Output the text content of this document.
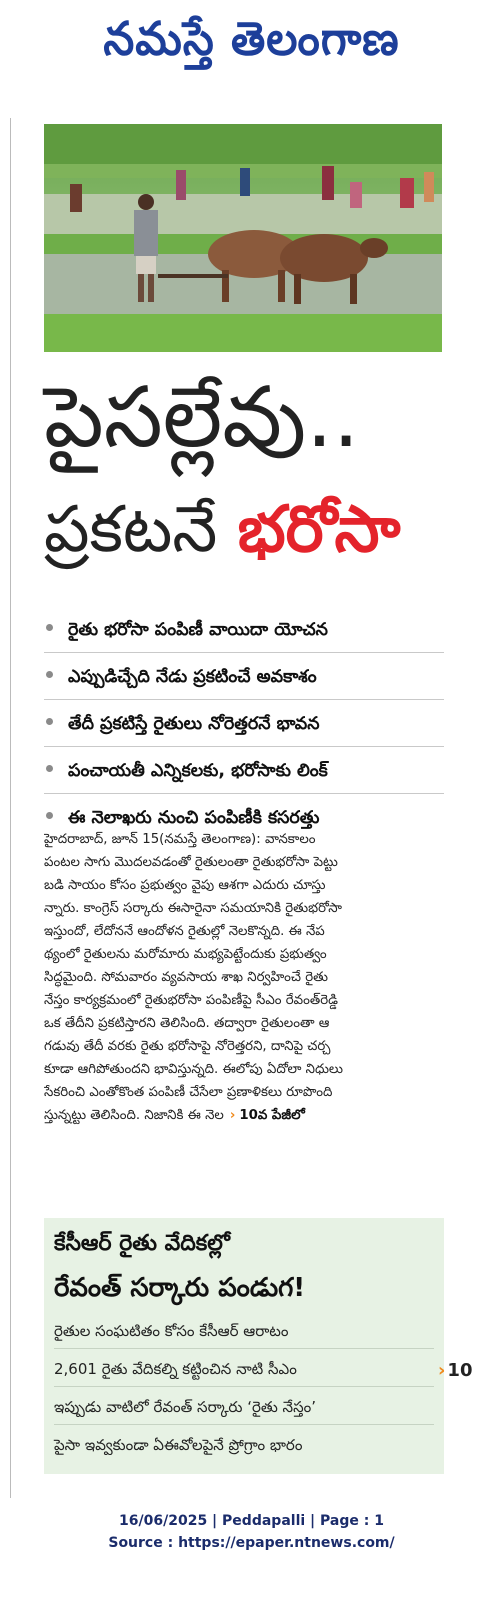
నమస్తే తెలంగాణ
పైసల్లేవు..
ప్రకటనే భరోసా
రైతు భరోసా పంపిణీ వాయిదా యోచన
ఎప్పుడిచ్చేది నేడు ప్రకటించే అవకాశం
తేదీ ప్రకటిస్తే రైతులు నోరెత్తరనే భావన
పంచాయతీ ఎన్నికలకు, భరోసాకు లింక్
ఈ నెలాఖరు నుంచి పంపిణీకి కసరత్తు
హైదరాబాద్, జూన్ 15(నమస్తే తెలంగాణ): వానకాలం
పంటల సాగు మొదలవడంతో రైతులంతా రైతుభరోసా పెట్టు
బడి సాయం కోసం ప్రభుత్వం వైపు ఆశగా ఎదురు చూస్తు
న్నారు. కాంగ్రెస్ సర్కారు ఈసారైనా సమయానికి రైతుభరోసా
ఇస్తుందో, లేదోననే ఆందోళన రైతుల్లో నెలకొన్నది. ఈ నేప
థ్యంలో రైతులను మరోమారు మభ్యపెట్టేందుకు ప్రభుత్వం
సిద్ధమైంది. సోమవారం వ్యవసాయ శాఖ నిర్వహించే రైతు
నేస్తం కార్యక్రమంలో రైతుభరోసా పంపిణీపై సీఎం రేవంత్‌రెడ్డి
ఒక తేదీని ప్రకటిస్తారని తెలిసింది. తద్వారా రైతులంతా ఆ
గడువు తేదీ వరకు రైతు భరోసాపై నోరెత్తరని, దానిపై చర్చ
కూడా ఆగిపోతుందని భావిస్తున్నది. ఈలోపు ఏదోలా నిధులు
సేకరించి ఎంతోకొంత పంపిణీ చేసేలా ప్రణాళికలు రూపొంది
స్తున్నట్టు తెలిసింది. నిజానికి ఈ నెల › 10వ పేజీలో
కేసీఆర్ రైతు వేదికల్లో
రేవంత్ సర్కారు పండుగ!
రైతుల సంఘటితం కోసం కేసీఆర్ ఆరాటం
2,601 రైతు వేదికల్ని కట్టించిన నాటి సీఎం
ఇప్పుడు వాటిలో రేవంత్ సర్కారు ‘రైతు నేస్తం’
పైసా ఇవ్వకుండా ఏఈవోలపైనే ప్రోగ్రాం భారం
› 10
16/06/2025 | Peddapalli | Page : 1
Source : https://epaper.ntnews.com/
